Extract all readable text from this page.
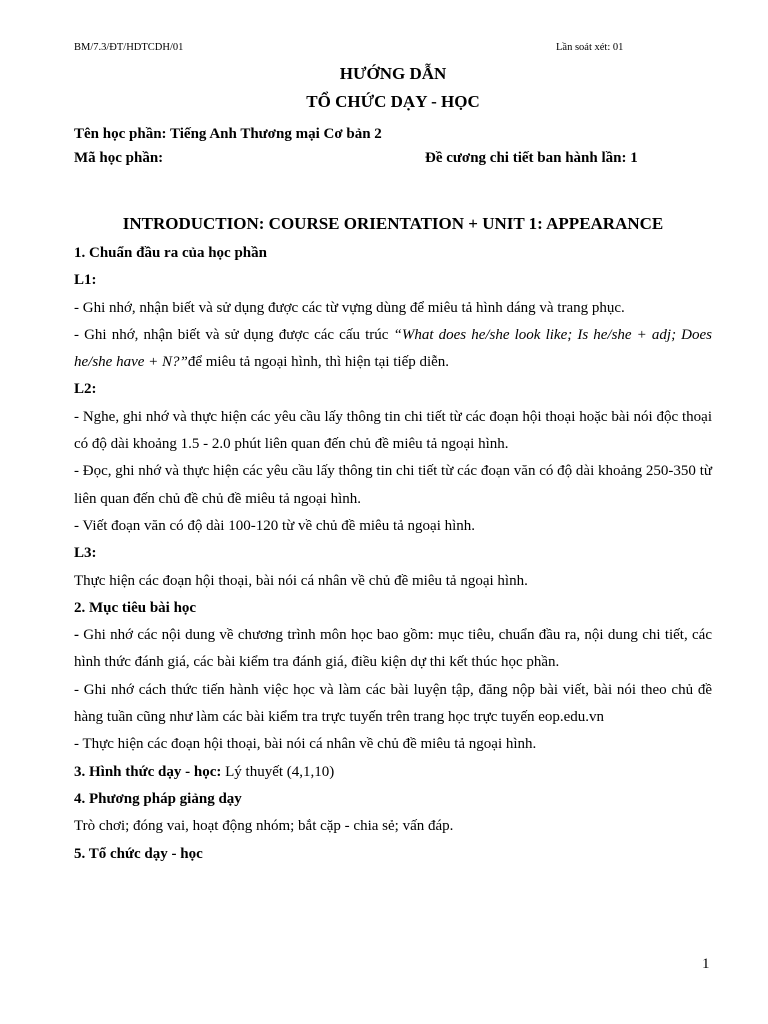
BM/7.3/ĐT/HDTCDH/01	Lần soát xét: 01
HƯỚNG DẪN
TỔ CHỨC DẠY - HỌC
Tên học phần: Tiếng Anh Thương mại Cơ bản 2
Mã học phần:	Đề cương chi tiết ban hành lần: 1
INTRODUCTION: COURSE ORIENTATION + UNIT 1: APPEARANCE

1. Chuẩn đầu ra của học phần

L1:

- Ghi nhớ, nhận biết và sử dụng được các từ vựng dùng để miêu tả hình dáng và trang phục.

- Ghi nhớ, nhận biết và sử dụng được các cấu trúc “What does he/she look like; Is he/she + adj; Does he/she have + N?”để miêu tả ngoại hình, thì hiện tại tiếp diễn.

L2:

- Nghe, ghi nhớ và thực hiện các yêu cầu lấy thông tin chi tiết từ các đoạn hội thoại hoặc bài nói độc thoại có độ dài khoảng 1.5 - 2.0 phút liên quan đến chủ đề miêu tả ngoại hình.

- Đọc, ghi nhớ và thực hiện các yêu cầu lấy thông tin chi tiết từ các đoạn văn có độ dài khoảng 250-350 từ liên quan đến chủ đề chủ đề miêu tả ngoại hình.

- Viết đoạn văn có độ dài 100-120 từ về chủ đề miêu tả ngoại hình.

L3:

Thực hiện các đoạn hội thoại, bài nói cá nhân về chủ đề miêu tả ngoại hình.

2. Mục tiêu bài học

- Ghi nhớ các nội dung về chương trình môn học bao gồm: mục tiêu, chuẩn đầu ra, nội dung chi tiết, các hình thức đánh giá, các bài kiểm tra đánh giá, điều kiện dự thi kết thúc học phần.

- Ghi nhớ cách thức tiến hành việc học và làm các bài luyện tập, đăng nộp bài viết, bài nói theo chủ đề hàng tuần cũng như làm các bài kiểm tra trực tuyến trên trang học trực tuyến eop.edu.vn

- Thực hiện các đoạn hội thoại, bài nói cá nhân về chủ đề miêu tả ngoại hình.

3. Hình thức dạy - học: Lý thuyết (4,1,10)

4. Phương pháp giảng dạy

Trò chơi; đóng vai, hoạt động nhóm; bắt cặp - chia sẻ; vấn đáp.

5. Tổ chức dạy - học

1
